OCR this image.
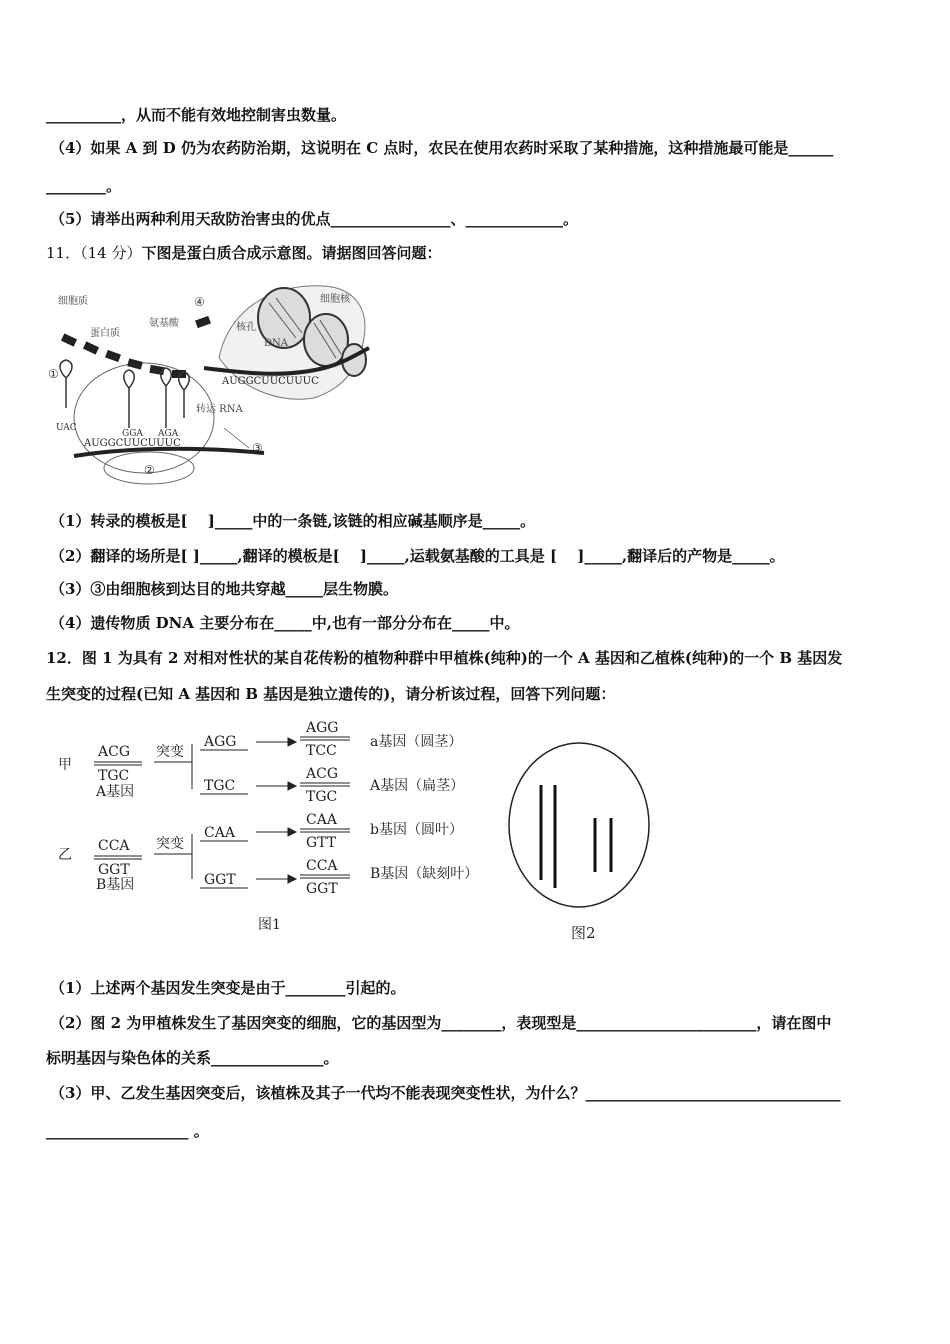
__________，从而不能有效地控制害虫数量。
（4）如果 A 到 D 仍为农药防治期，这说明在 C 点时，农民在使用农药时采取了某种措施，这种措施最可能是______
________。
（5）请举出两种利用天敌防治害虫的优点________________、_____________。
11．（14 分）下图是蛋白质合成示意图。请据图回答问题：
AUGGCUUCUUUC
AUGGCUUCUUUC
细胞质
蛋白质
氨基酸
④	细胞核
核孔
DNA
①
UAC
GGA AGA
转运 RNA
③
②
（1）转录的模板是[　 ]_____中的一条链,该链的相应碱基顺序是_____。
（2）翻译的场所是[ ]_____,翻译的模板是[　 ]_____,运载氨基酸的工具是 [　 ]_____,翻译后的产物是_____。
（3）③由细胞核到达目的地共穿越_____层生物膜。
（4）遗传物质 DNA 主要分布在_____中,也有一部分分布在_____中。
12．图 1 为具有 2 对相对性状的某自花传粉的植物种群中甲植株(纯种)的一个 A 基因和乙植株(纯种)的一个 B 基因发
生突变的过程(已知 A 基因和 B 基因是独立遗传的)，请分析该过程，回答下列问题：
甲
乙
ACG
TGC
A基因
CCA
GGT
B基因
突变
突变
AGG
TGC
CAA
GGT
AGG
TCC
a基因（圆茎）
ACG
TGC
A基因（扁茎）
CAA
GTT
b基因（圆叶）
CCA
GGT
B基因（缺刻叶）
图1	图2
（1）上述两个基因发生突变是由于________引起的。
（2）图 2 为甲植株发生了基因突变的细胞，它的基因型为________，表现型是________________________，请在图中
标明基因与染色体的关系_______________。
（3）甲、乙发生基因突变后，该植株及其子一代均不能表现突变性状，为什么？__________________________________
___________________ 。
